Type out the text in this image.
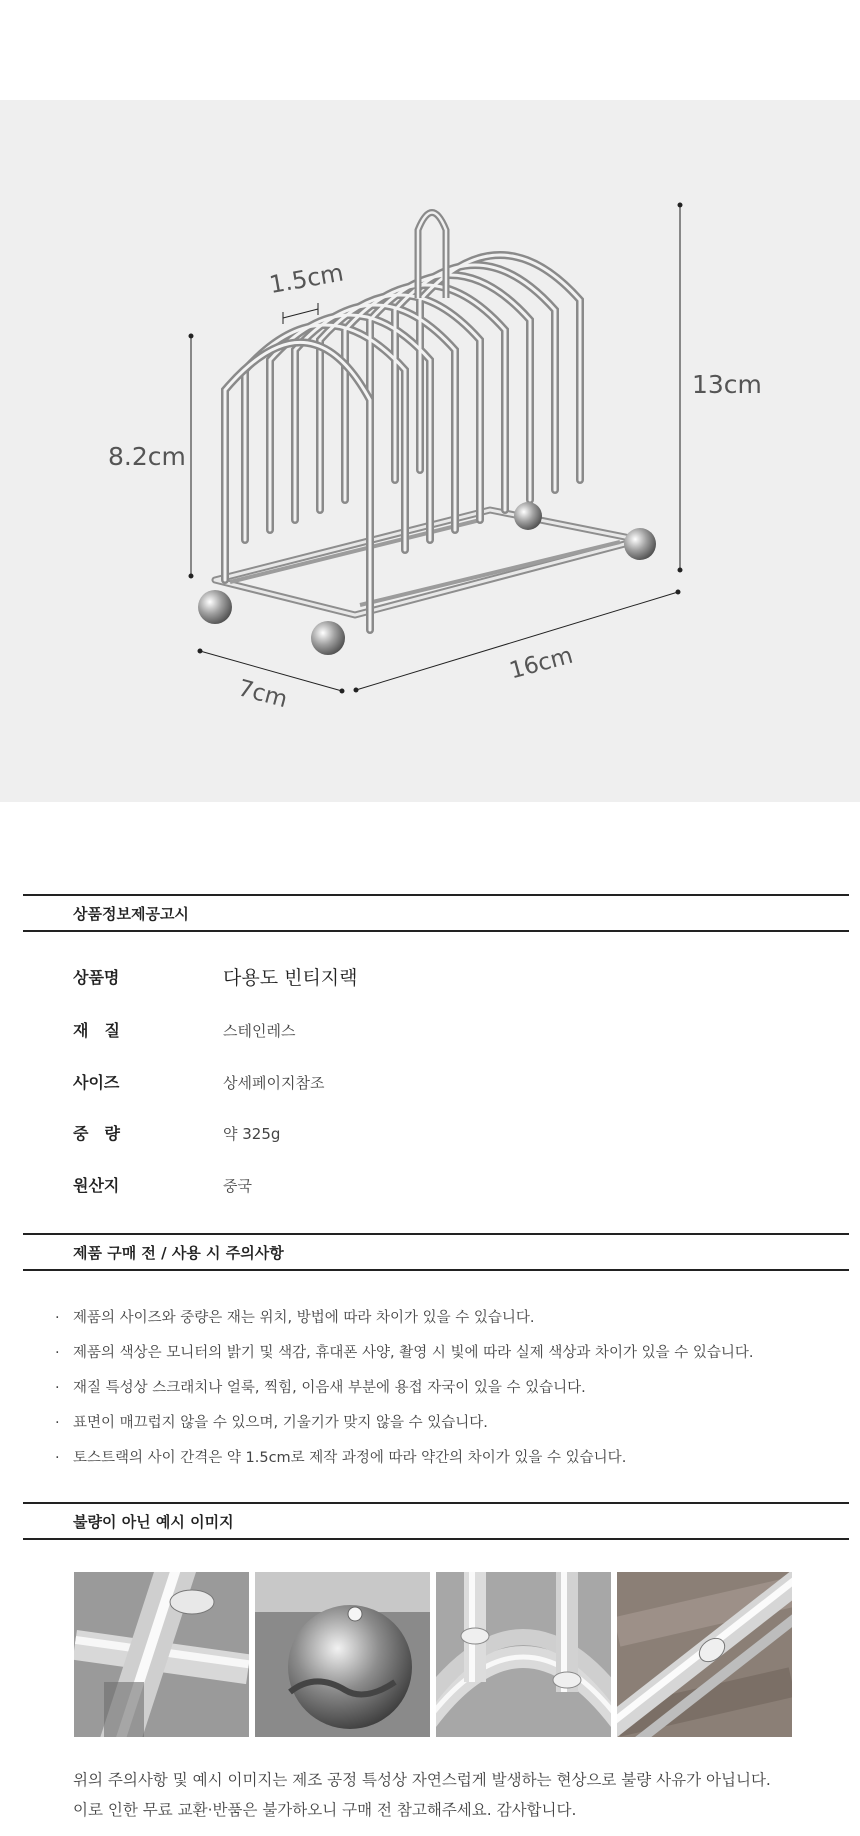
1.5cm
8.2cm
13cm
7cm
16cm
상품정보제공고시
상품명	다용도 빈티지랙
재　질	스테인레스
사이즈	상세페이지참조
중　량	약 325g
원산지	중국
제품 구매 전 / 사용 시 주의사항
· 제품의 사이즈와 중량은 재는 위치, 방법에 따라 차이가 있을 수 있습니다.
· 제품의 색상은 모니터의 밝기 및 색감, 휴대폰 사양, 촬영 시 빛에 따라 실제 색상과 차이가 있을 수 있습니다.
· 재질 특성상 스크래치나 얼룩, 찍힘, 이음새 부분에 용접 자국이 있을 수 있습니다.
· 표면이 매끄럽지 않을 수 있으며, 기울기가 맞지 않을 수 있습니다.
· 토스트랙의 사이 간격은 약 1.5cm로 제작 과정에 따라 약간의 차이가 있을 수 있습니다.
불량이 아닌 예시 이미지
위의 주의사항 및 예시 이미지는 제조 공정 특성상 자연스럽게 발생하는 현상으로 불량 사유가 아닙니다.
이로 인한 무료 교환·반품은 불가하오니 구매 전 참고해주세요. 감사합니다.
